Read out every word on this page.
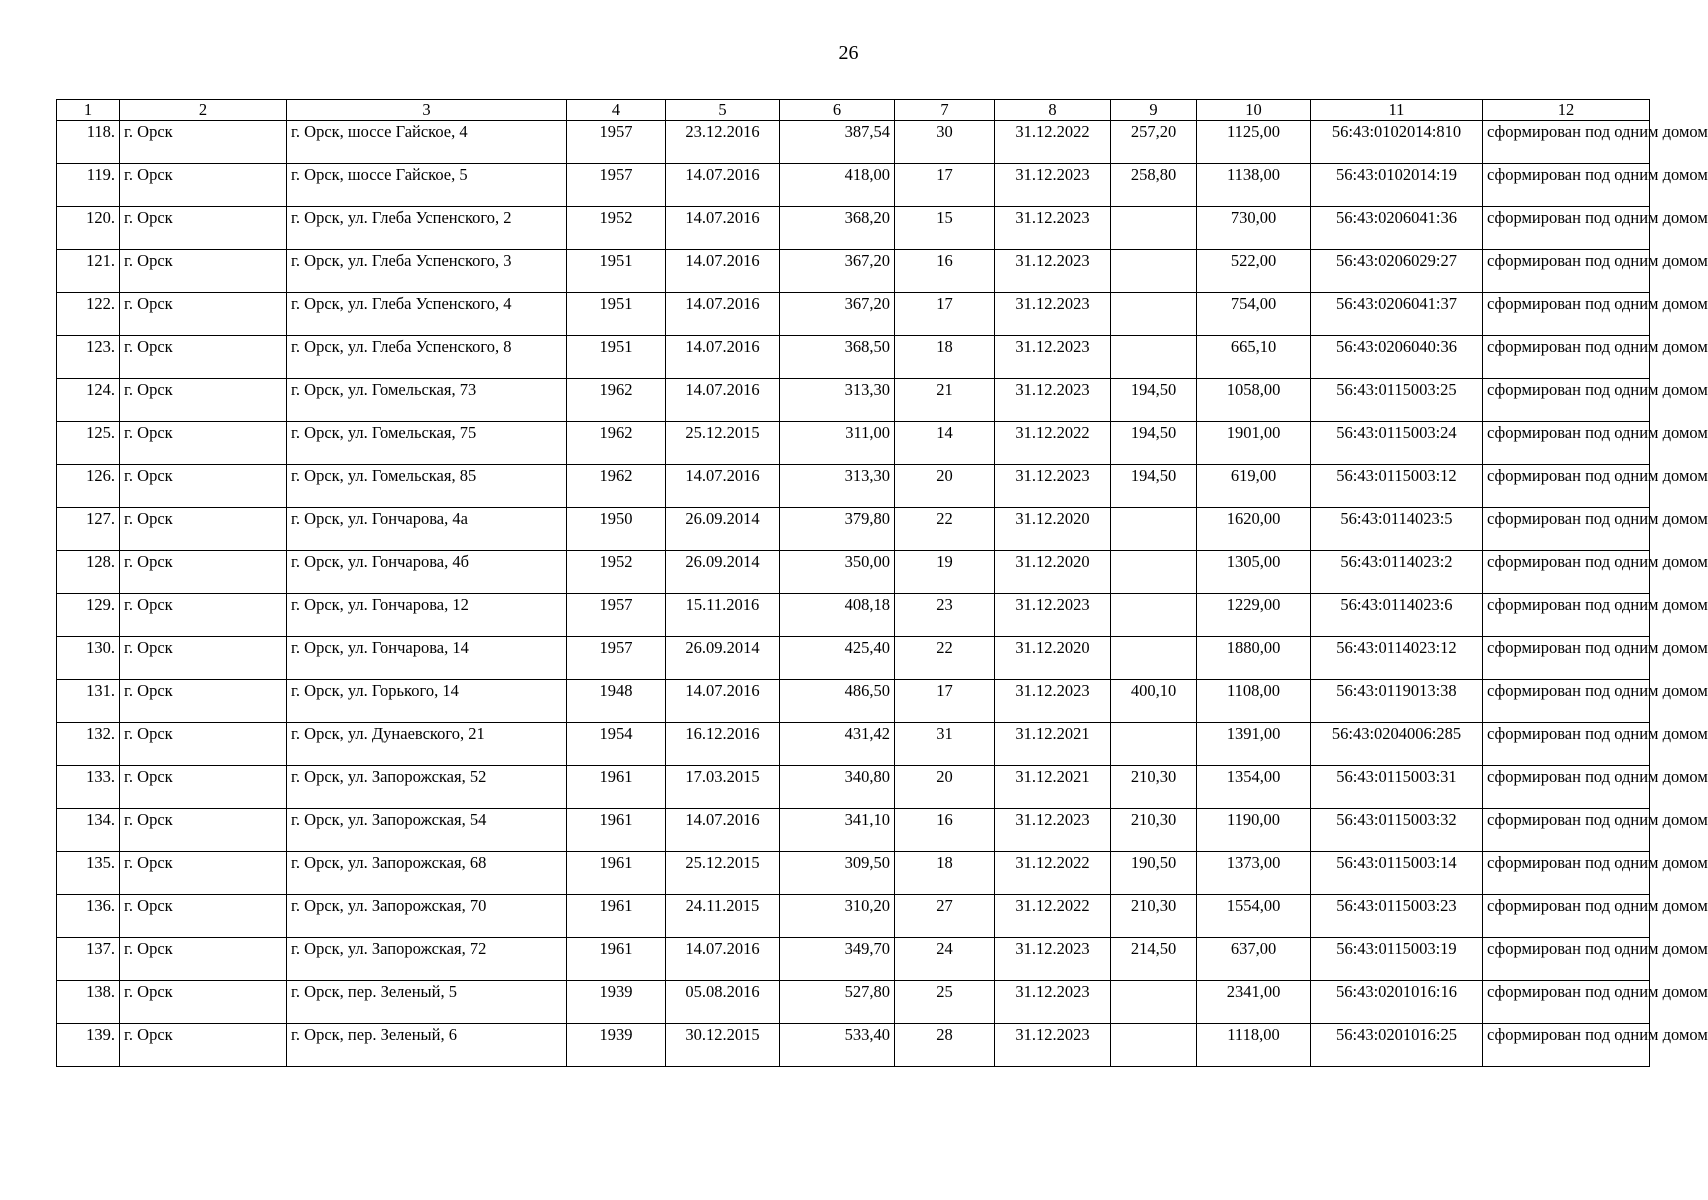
26
1	2	3	4	5	6	7	8	9	10	11	12
118.	г. Орск	г. Орск, шоссе Гайское, 4	1957	23.12.2016	387,54	30	31.12.2022	257,20	1125,00	56:43:0102014:810	сформирован под одним домом
119.	г. Орск	г. Орск, шоссе Гайское, 5	1957	14.07.2016	418,00	17	31.12.2023	258,80	1138,00	56:43:0102014:19	сформирован под одним домом
120.	г. Орск	г. Орск, ул. Глеба Успенского, 2	1952	14.07.2016	368,20	15	31.12.2023		730,00	56:43:0206041:36	сформирован под одним домом
121.	г. Орск	г. Орск, ул. Глеба Успенского, 3	1951	14.07.2016	367,20	16	31.12.2023		522,00	56:43:0206029:27	сформирован под одним домом
122.	г. Орск	г. Орск, ул. Глеба Успенского, 4	1951	14.07.2016	367,20	17	31.12.2023		754,00	56:43:0206041:37	сформирован под одним домом
123.	г. Орск	г. Орск, ул. Глеба Успенского, 8	1951	14.07.2016	368,50	18	31.12.2023		665,10	56:43:0206040:36	сформирован под одним домом
124.	г. Орск	г. Орск, ул. Гомельская, 73	1962	14.07.2016	313,30	21	31.12.2023	194,50	1058,00	56:43:0115003:25	сформирован под одним домом
125.	г. Орск	г. Орск, ул. Гомельская, 75	1962	25.12.2015	311,00	14	31.12.2022	194,50	1901,00	56:43:0115003:24	сформирован под одним домом
126.	г. Орск	г. Орск, ул. Гомельская, 85	1962	14.07.2016	313,30	20	31.12.2023	194,50	619,00	56:43:0115003:12	сформирован под одним домом
127.	г. Орск	г. Орск, ул. Гончарова, 4а	1950	26.09.2014	379,80	22	31.12.2020		1620,00	56:43:0114023:5	сформирован под одним домом
128.	г. Орск	г. Орск, ул. Гончарова, 4б	1952	26.09.2014	350,00	19	31.12.2020		1305,00	56:43:0114023:2	сформирован под одним домом
129.	г. Орск	г. Орск, ул. Гончарова, 12	1957	15.11.2016	408,18	23	31.12.2023		1229,00	56:43:0114023:6	сформирован под одним домом
130.	г. Орск	г. Орск, ул. Гончарова, 14	1957	26.09.2014	425,40	22	31.12.2020		1880,00	56:43:0114023:12	сформирован под одним домом
131.	г. Орск	г. Орск, ул. Горького, 14	1948	14.07.2016	486,50	17	31.12.2023	400,10	1108,00	56:43:0119013:38	сформирован под одним домом
132.	г. Орск	г. Орск, ул. Дунаевского, 21	1954	16.12.2016	431,42	31	31.12.2021		1391,00	56:43:0204006:285	сформирован под одним домом
133.	г. Орск	г. Орск, ул. Запорожская, 52	1961	17.03.2015	340,80	20	31.12.2021	210,30	1354,00	56:43:0115003:31	сформирован под одним домом
134.	г. Орск	г. Орск, ул. Запорожская, 54	1961	14.07.2016	341,10	16	31.12.2023	210,30	1190,00	56:43:0115003:32	сформирован под одним домом
135.	г. Орск	г. Орск, ул. Запорожская, 68	1961	25.12.2015	309,50	18	31.12.2022	190,50	1373,00	56:43:0115003:14	сформирован под одним домом
136.	г. Орск	г. Орск, ул. Запорожская, 70	1961	24.11.2015	310,20	27	31.12.2022	210,30	1554,00	56:43:0115003:23	сформирован под одним домом
137.	г. Орск	г. Орск, ул. Запорожская, 72	1961	14.07.2016	349,70	24	31.12.2023	214,50	637,00	56:43:0115003:19	сформирован под одним домом
138.	г. Орск	г. Орск, пер. Зеленый, 5	1939	05.08.2016	527,80	25	31.12.2023		2341,00	56:43:0201016:16	сформирован под одним домом
139.	г. Орск	г. Орск, пер. Зеленый, 6	1939	30.12.2015	533,40	28	31.12.2023		1118,00	56:43:0201016:25	сформирован под одним домом
